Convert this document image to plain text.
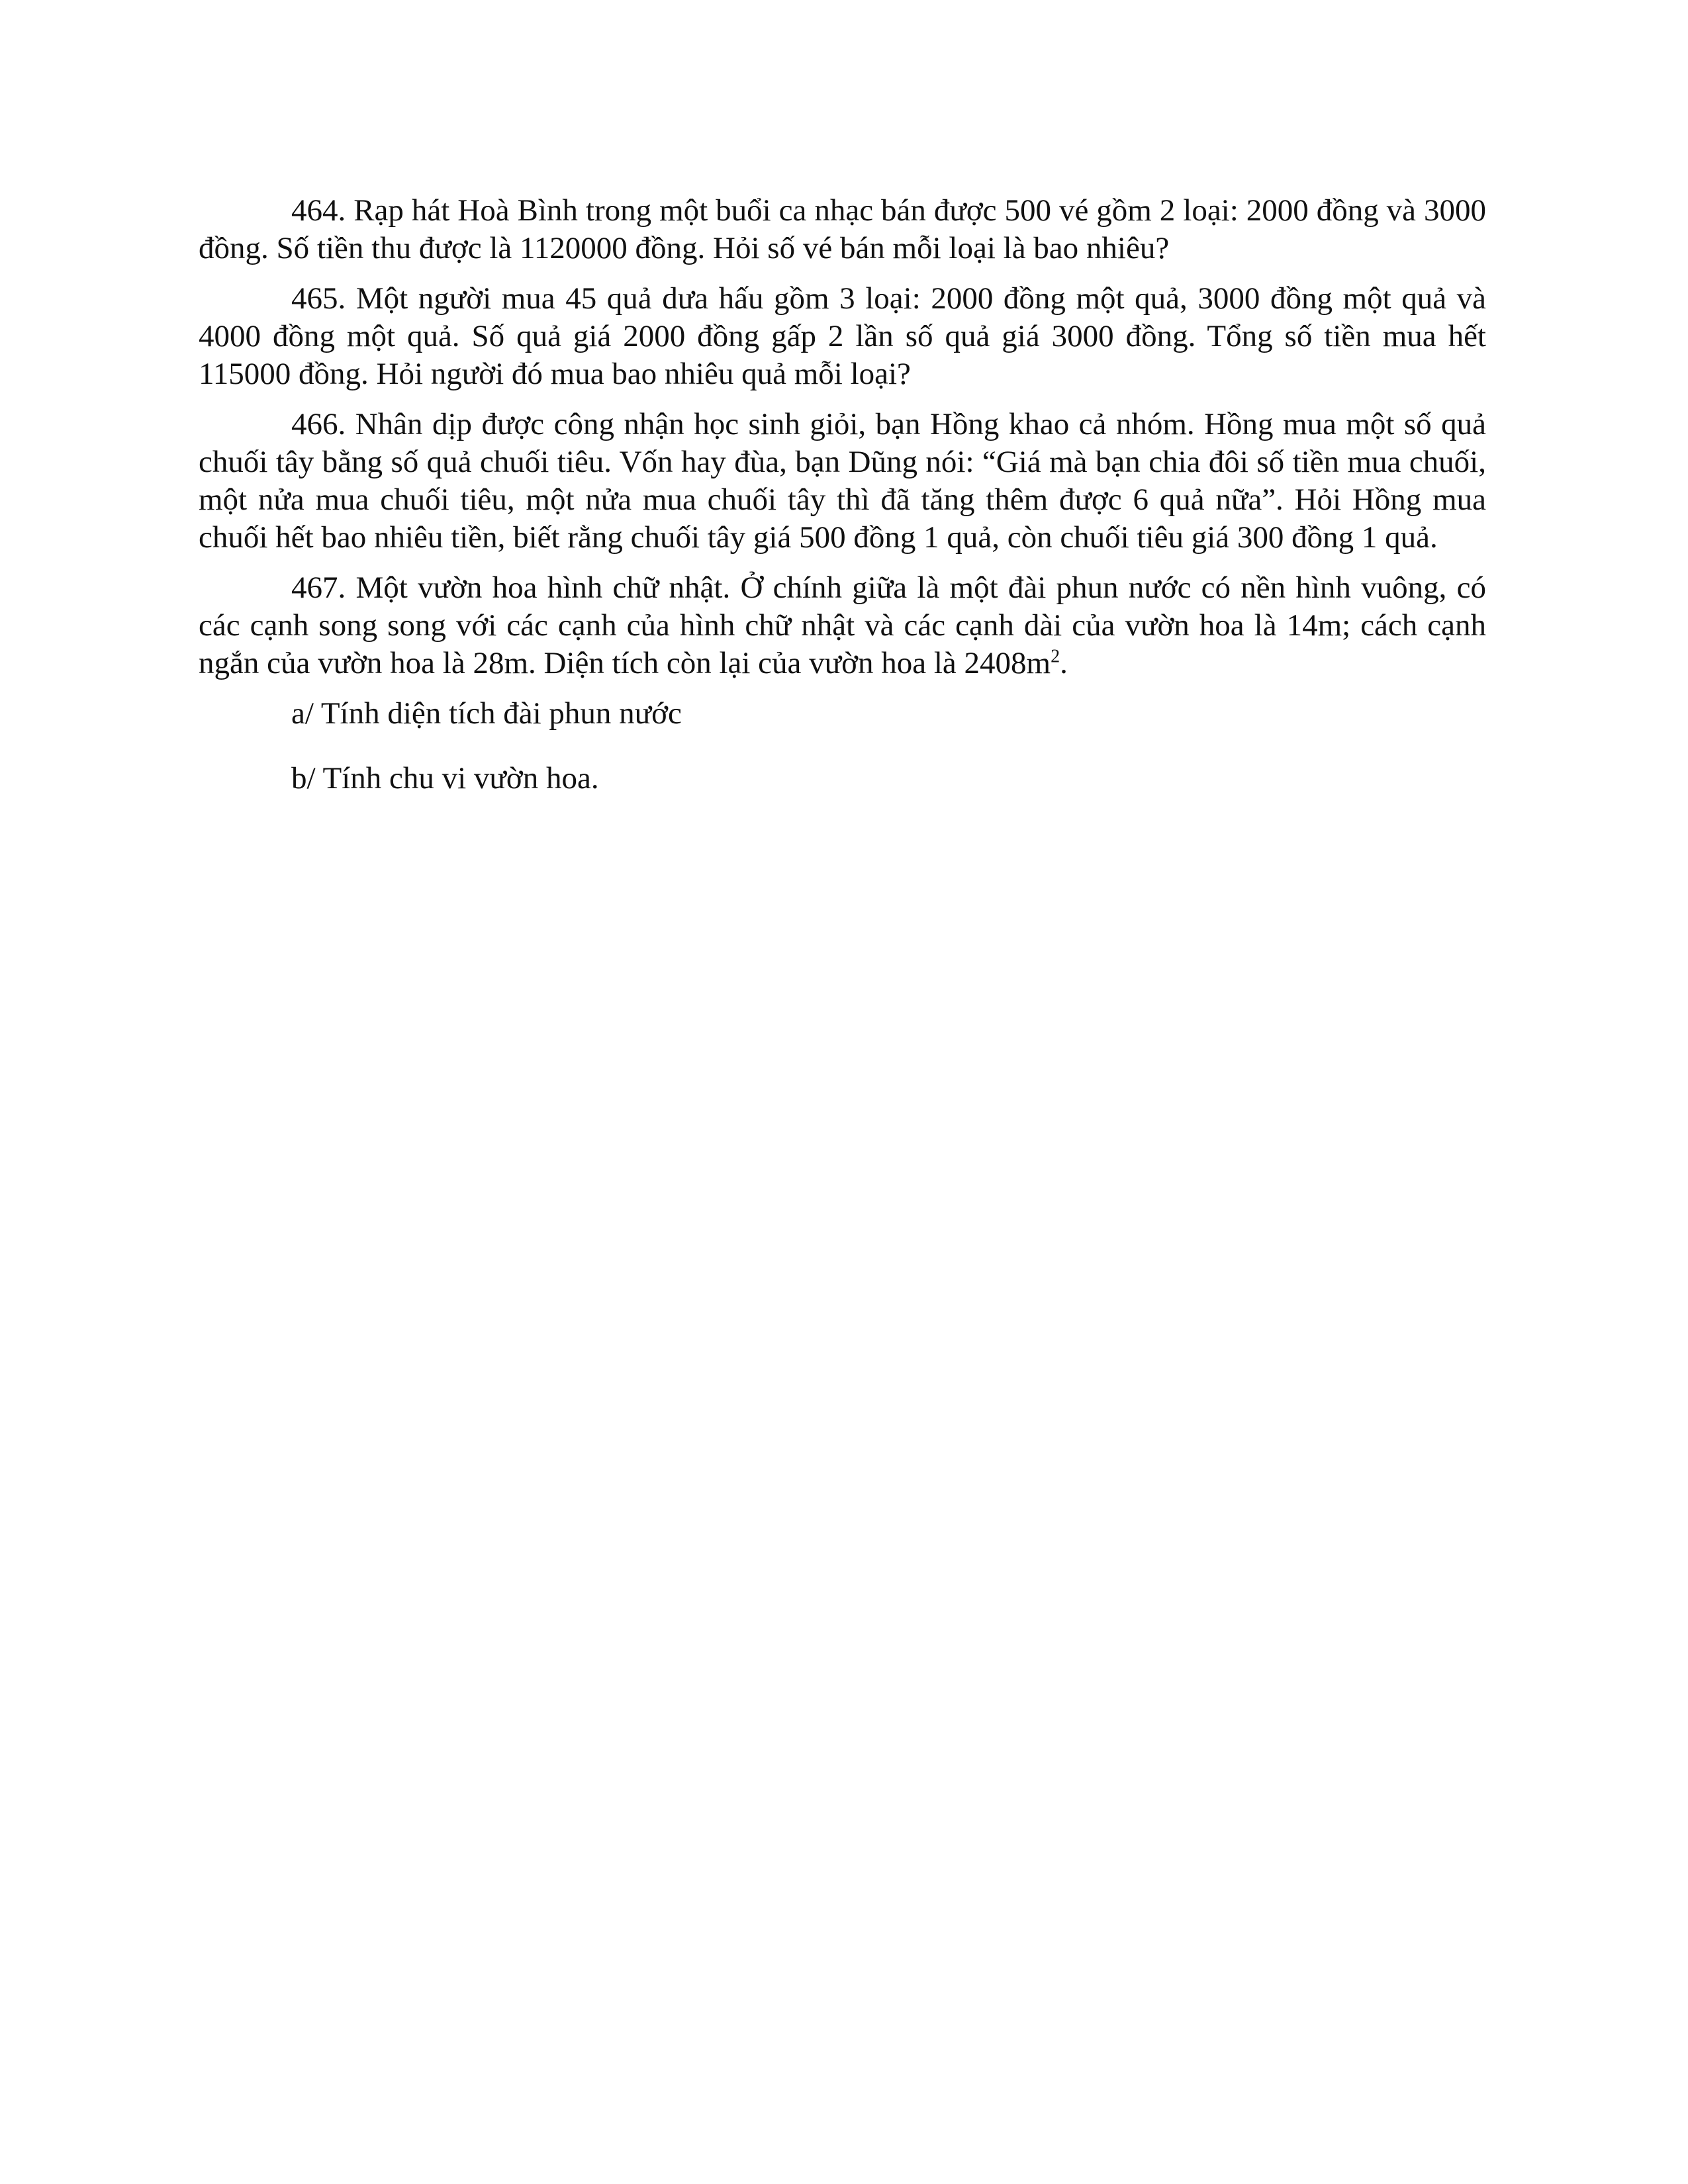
464. Rạp hát Hoà Bình trong một buổi ca nhạc bán được 500 vé gồm 2 loại: 2000 đồng và 3000 đồng. Số tiền thu được là 1120000 đồng. Hỏi số vé bán mỗi loại là bao nhiêu?

465. Một người mua 45 quả dưa hấu gồm 3 loại: 2000 đồng một quả, 3000 đồng một quả và 4000 đồng một quả. Số quả giá 2000 đồng gấp 2 lần số quả giá 3000 đồng. Tổng số tiền mua hết 115000 đồng. Hỏi người đó mua bao nhiêu quả mỗi loại?

466. Nhân dịp được công nhận học sinh giỏi, bạn Hồng khao cả nhóm. Hồng mua một số quả chuối tây bằng số quả chuối tiêu. Vốn hay đùa, bạn Dũng nói: “Giá mà bạn chia đôi số tiền mua chuối, một nửa mua chuối tiêu, một nửa mua chuối tây thì đã tăng thêm được 6 quả nữa”. Hỏi Hồng mua chuối hết bao nhiêu tiền, biết rằng chuối tây giá 500 đồng 1 quả, còn chuối tiêu giá 300 đồng 1 quả.

467. Một vườn hoa hình chữ nhật. Ở chính giữa là một đài phun nước có nền hình vuông, có các cạnh song song với các cạnh của hình chữ nhật và các cạnh dài của vườn hoa là 14m; cách cạnh ngắn của vườn hoa là 28m. Diện tích còn lại của vườn hoa là $2408m^2$.

a/ Tính diện tích đài phun nước

b/ Tính chu vi vườn hoa.
